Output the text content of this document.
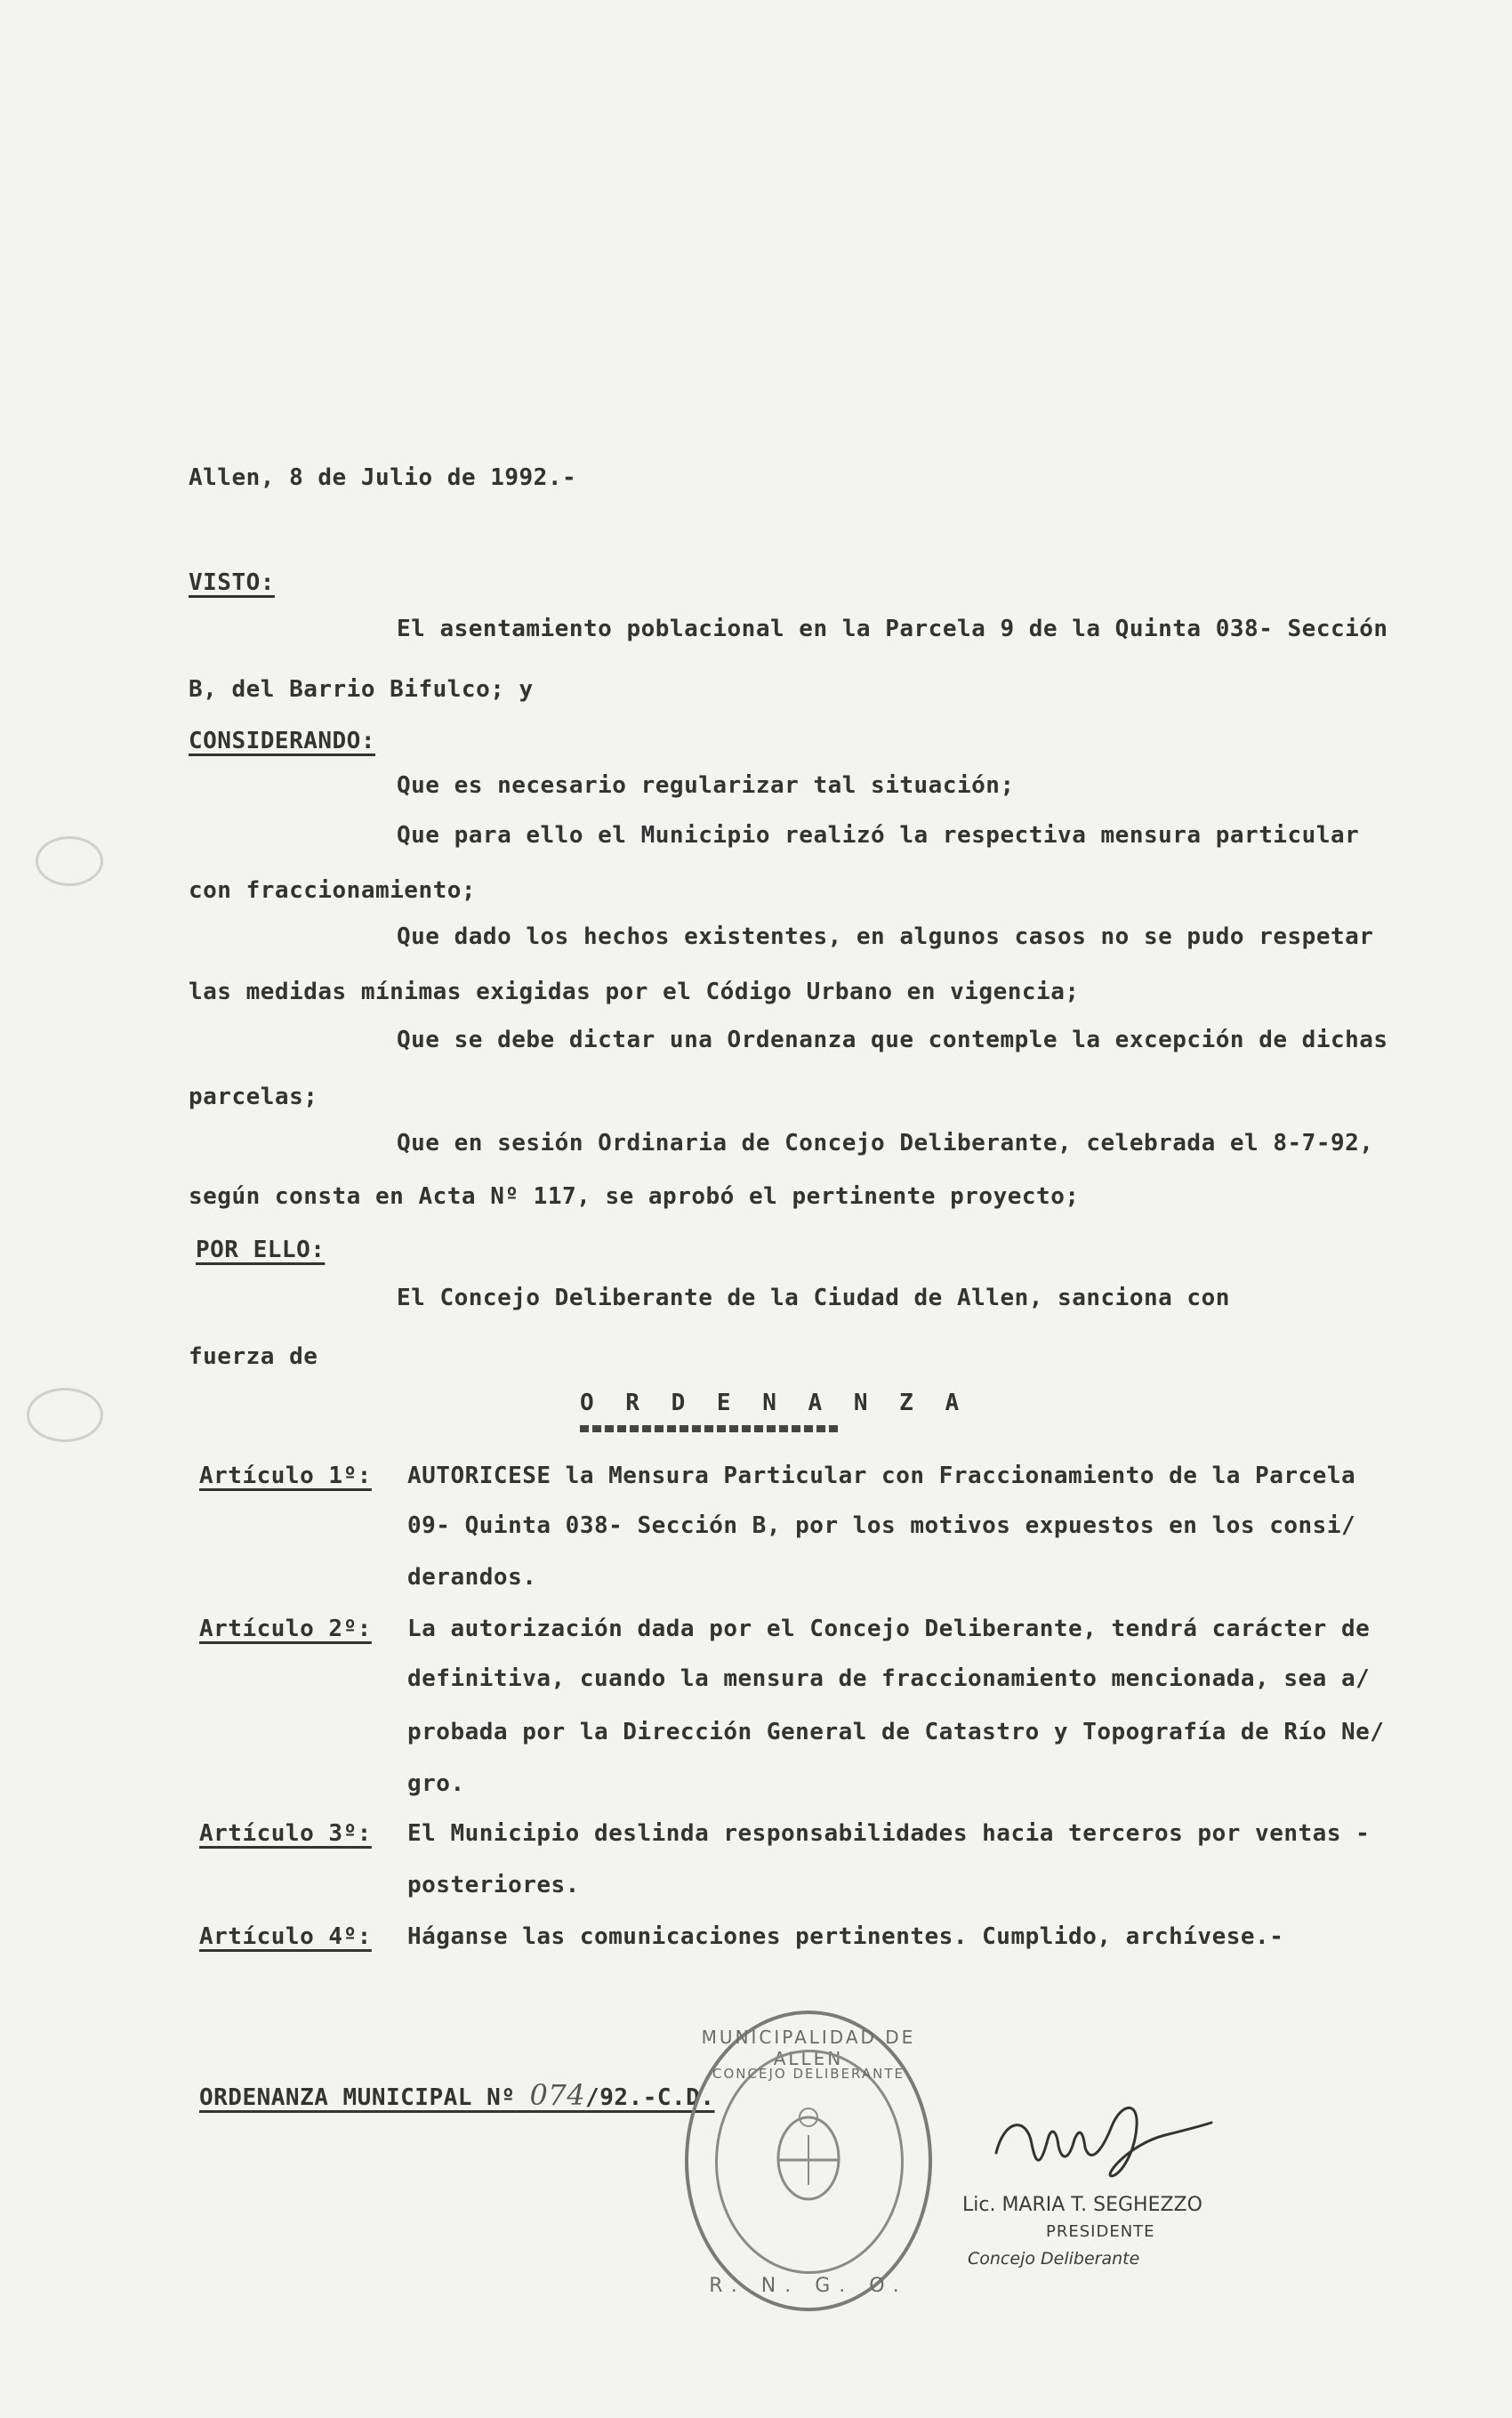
Allen, 8 de Julio de 1992.-
VISTO:
El asentamiento poblacional en la Parcela 9 de la Quinta 038- Sección
B, del Barrio Bifulco; y
CONSIDERANDO:
Que es necesario regularizar tal situación;
Que para ello el Municipio realizó la respectiva mensura particular
con fraccionamiento;
Que dado los hechos existentes, en algunos casos no se pudo respetar
las medidas mínimas exigidas por el Código Urbano en vigencia;
Que se debe dictar una Ordenanza que contemple la excepción de dichas
parcelas;
Que en sesión Ordinaria de Concejo Deliberante, celebrada el 8-7-92,
según consta en Acta Nº 117, se aprobó el pertinente proyecto;
POR ELLO:
El Concejo Deliberante de la Ciudad de Allen, sanciona con
fuerza de
O R D E N A N Z A
Artículo 1º: AUTORICESE la Mensura Particular con Fraccionamiento de la Parcela
09- Quinta 038- Sección B, por los motivos expuestos en los consi/
derandos.
Artículo 2º: La autorización dada por el Concejo Deliberante, tendrá carácter de
definitiva, cuando la mensura de fraccionamiento mencionada, sea a/
probada por la Dirección General de Catastro y Topografía de Río Ne/
gro.
Artículo 3º: El Municipio deslinda responsabilidades hacia terceros por ventas -
posteriores.
Artículo 4º: Háganse las comunicaciones pertinentes. Cumplido, archívese.-
ORDENANZA MUNICIPAL Nº 074/92.-C.D.
MUNICIPALIDAD DE ALLEN
CONCEJO DELIBERANTE
R. N. G. O.
Lic. MARIA T. SEGHEZZO
PRESIDENTE
Concejo Deliberante
